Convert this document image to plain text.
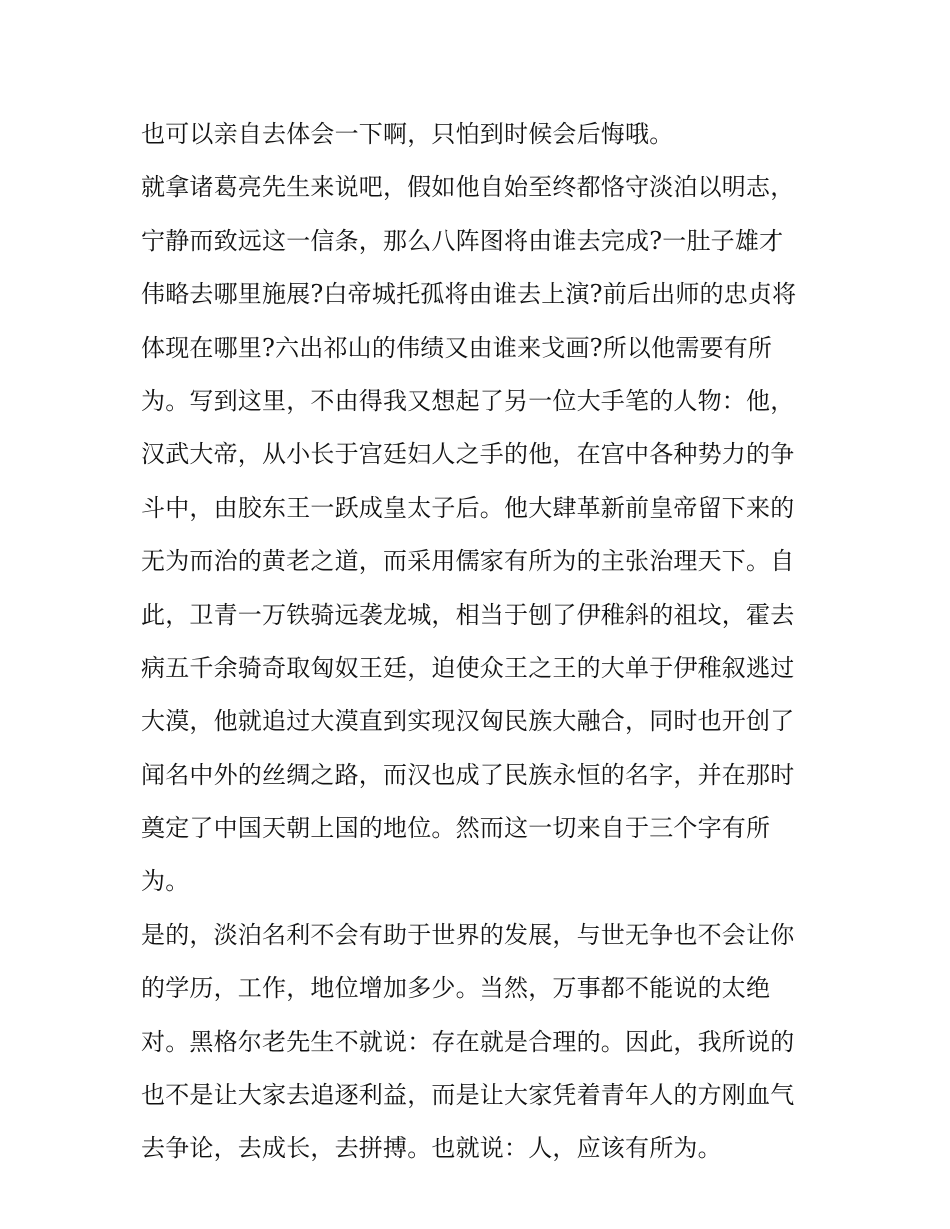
也可以亲自去体会一下啊，只怕到时候会后悔哦。
就拿诸葛亮先生来说吧，假如他自始至终都恪守淡泊以明志，
宁静而致远这一信条，那么八阵图将由谁去完成?一肚子雄才
伟略去哪里施展?白帝城托孤将由谁去上演?前后出师的忠贞将
体现在哪里?六出祁山的伟绩又由谁来戈画?所以他需要有所
为。写到这里，不由得我又想起了另一位大手笔的人物：他，
汉武大帝，从小长于宫廷妇人之手的他，在宫中各种势力的争
斗中，由胶东王一跃成皇太子后。他大肆革新前皇帝留下来的
无为而治的黄老之道，而采用儒家有所为的主张治理天下。自
此，卫青一万铁骑远袭龙城，相当于刨了伊稚斜的祖坟，霍去
病五千余骑奇取匈奴王廷，迫使众王之王的大单于伊稚叙逃过
大漠，他就追过大漠直到实现汉匈民族大融合，同时也开创了
闻名中外的丝绸之路，而汉也成了民族永恒的名字，并在那时
奠定了中国天朝上国的地位。然而这一切来自于三个字有所
为。
是的，淡泊名利不会有助于世界的发展，与世无争也不会让你
的学历，工作，地位增加多少。当然，万事都不能说的太绝
对。黑格尔老先生不就说：存在就是合理的。因此，我所说的
也不是让大家去追逐利益，而是让大家凭着青年人的方刚血气
去争论，去成长，去拼搏。也就说：人，应该有所为。
